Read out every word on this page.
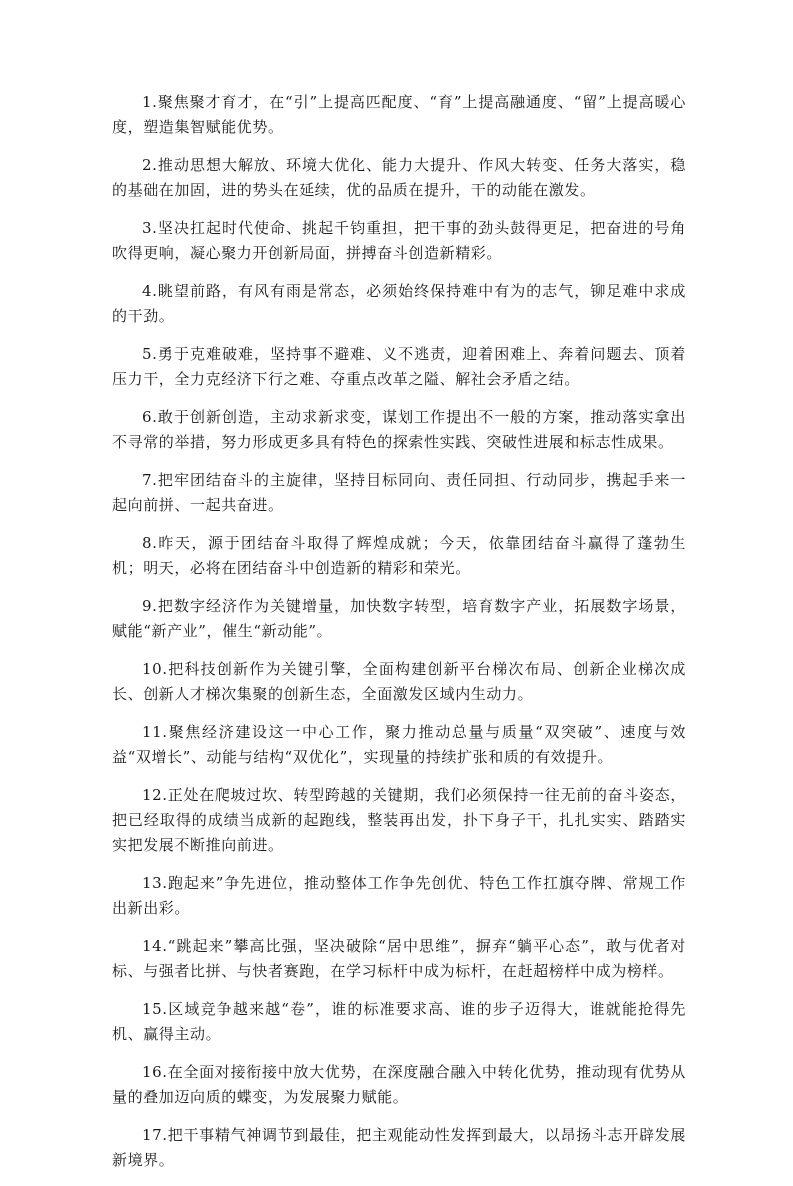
1.聚焦聚才育才，在“引”上提高匹配度、“育”上提高融通度、“留”上提高暖心度，塑造集智赋能优势。

2.推动思想大解放、环境大优化、能力大提升、作风大转变、任务大落实，稳的基础在加固，进的势头在延续，优的品质在提升，干的动能在激发。

3.坚决扛起时代使命、挑起千钧重担，把干事的劲头鼓得更足，把奋进的号角吹得更响，凝心聚力开创新局面，拼搏奋斗创造新精彩。

4.眺望前路，有风有雨是常态，必须始终保持难中有为的志气，铆足难中求成的干劲。

5.勇于克难破难，坚持事不避难、义不逃责，迎着困难上、奔着问题去、顶着压力干，全力克经济下行之难、夺重点改革之隘、解社会矛盾之结。

6.敢于创新创造，主动求新求变，谋划工作提出不一般的方案，推动落实拿出不寻常的举措，努力形成更多具有特色的探索性实践、突破性进展和标志性成果。

7.把牢团结奋斗的主旋律，坚持目标同向、责任同担、行动同步，携起手来一起向前拼、一起共奋进。

8.昨天，源于团结奋斗取得了辉煌成就；今天，依靠团结奋斗赢得了蓬勃生机；明天，必将在团结奋斗中创造新的精彩和荣光。

9.把数字经济作为关键增量，加快数字转型，培育数字产业，拓展数字场景，赋能“新产业”，催生“新动能”。

10.把科技创新作为关键引擎，全面构建创新平台梯次布局、创新企业梯次成长、创新人才梯次集聚的创新生态，全面激发区域内生动力。

11.聚焦经济建设这一中心工作，聚力推动总量与质量“双突破”、速度与效益“双增长”、动能与结构“双优化”，实现量的持续扩张和质的有效提升。

12.正处在爬坡过坎、转型跨越的关键期，我们必须保持一往无前的奋斗姿态，把已经取得的成绩当成新的起跑线，整装再出发，扑下身子干，扎扎实实、踏踏实实把发展不断推向前进。

13.跑起来”争先进位，推动整体工作争先创优、特色工作扛旗夺牌、常规工作出新出彩。

14.“跳起来”攀高比强，坚决破除“居中思维”，摒弃“躺平心态”，敢与优者对标、与强者比拼、与快者赛跑，在学习标杆中成为标杆，在赶超榜样中成为榜样。

15.区域竞争越来越“卷”，谁的标准要求高、谁的步子迈得大，谁就能抢得先机、赢得主动。

16.在全面对接衔接中放大优势，在深度融合融入中转化优势，推动现有优势从量的叠加迈向质的蝶变，为发展聚力赋能。

17.把干事精气神调节到最佳，把主观能动性发挥到最大，以昂扬斗志开辟发展新境界。
